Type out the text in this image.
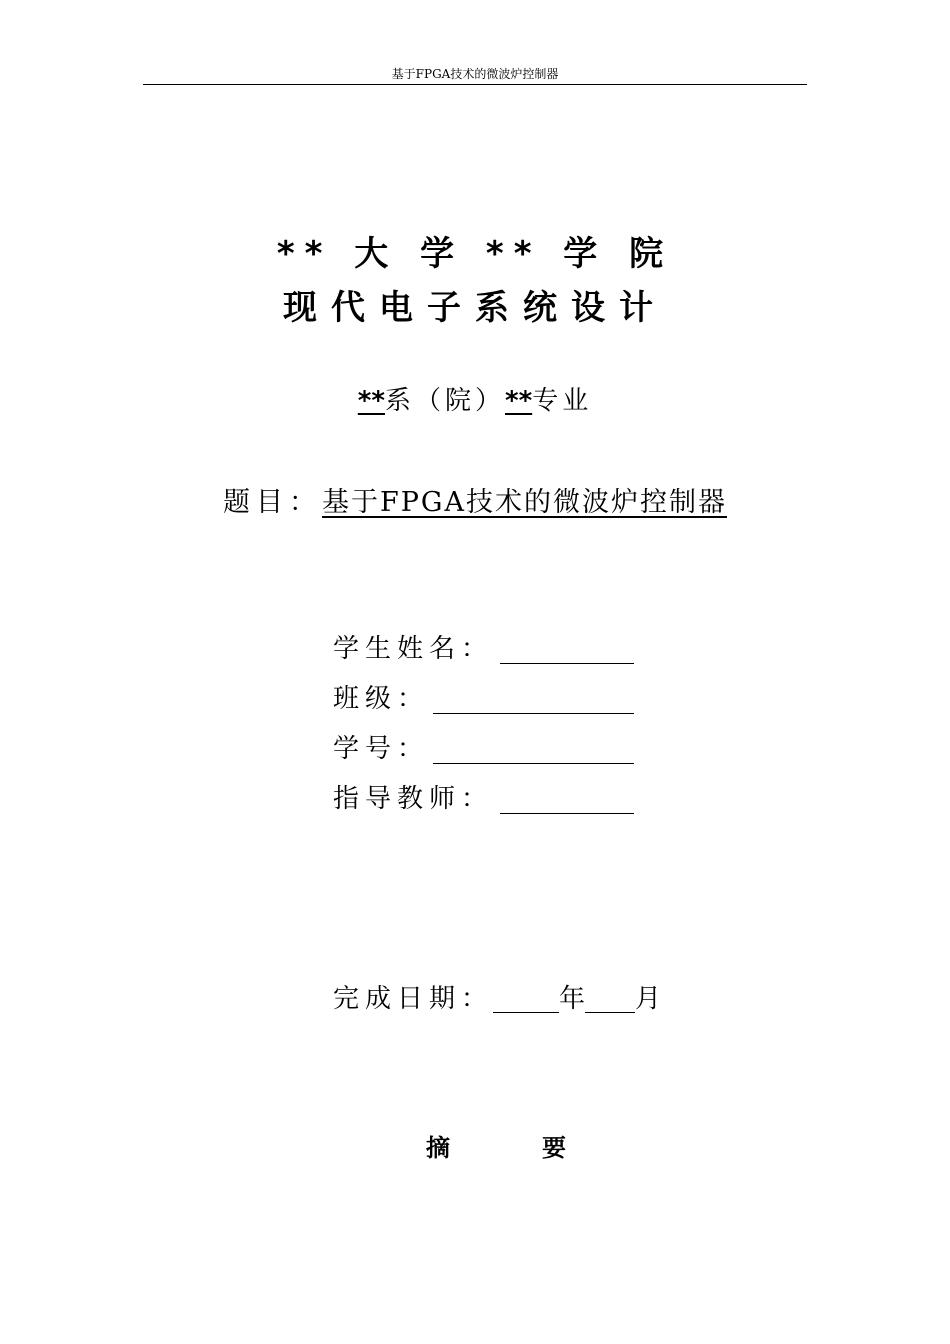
基于FPGA技术的微波炉控制器
** 大 学 ** 学 院
现代电子系统设计
**系（院）**专业
题目：基于FPGA技术的微波炉控制器
学生姓名：
班级：
学号：
指导教师：
完成日期：	年 月
摘	要
